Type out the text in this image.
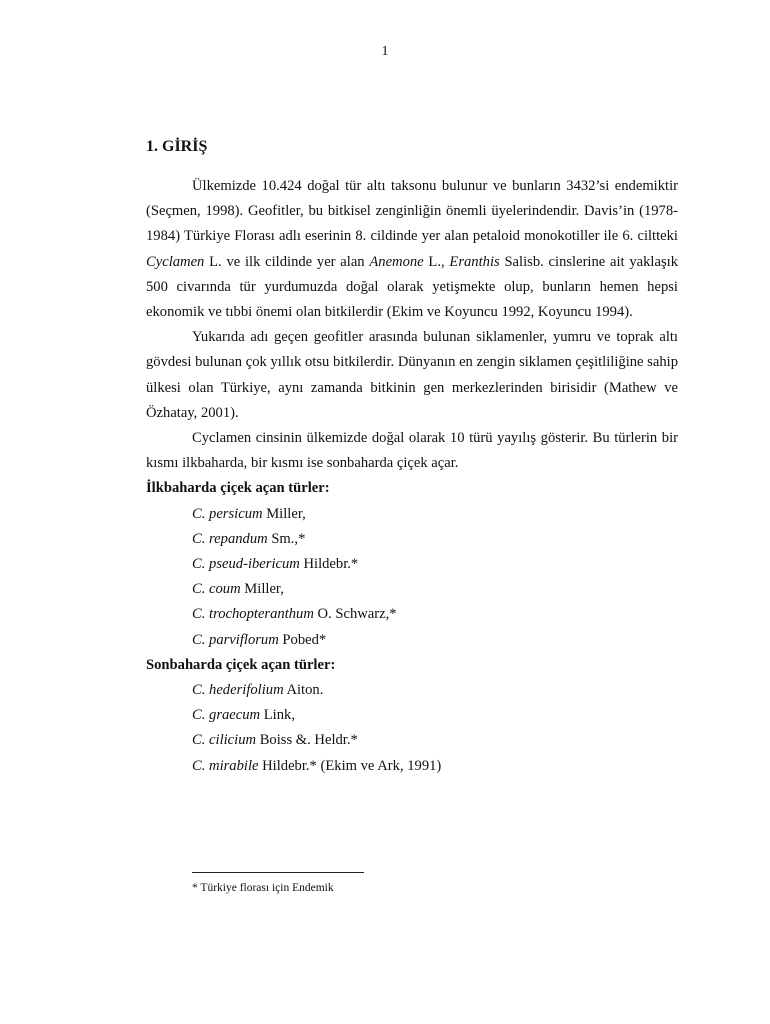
1
1. GİRİŞ

Ülkemizde 10.424 doğal tür altı taksonu bulunur ve bunların 3432’si endemiktir (Seçmen, 1998). Geofitler, bu bitkisel zenginliğin önemli üyelerindendir. Davis’in (1978-1984) Türkiye Florası adlı eserinin 8. cildinde yer alan petaloid monokotiller ile 6. ciltteki Cyclamen L. ve ilk cildinde yer alan Anemone L., Eranthis Salisb. cinslerine ait yaklaşık 500 civarında tür yurdumuzda doğal olarak yetişmekte olup, bunların hemen hepsi ekonomik ve tıbbi önemi olan bitkilerdir (Ekim ve Koyuncu 1992, Koyuncu 1994).

Yukarıda adı geçen geofitler arasında bulunan siklamenler, yumru ve toprak altı gövdesi bulunan çok yıllık otsu bitkilerdir. Dünyanın en zengin siklamen çeşitliliğine sahip ülkesi olan Türkiye, aynı zamanda bitkinin gen merkezlerinden birisidir (Mathew ve Özhatay, 2001).

Cyclamen cinsinin ülkemizde doğal olarak 10 türü yayılış gösterir. Bu türlerin bir kısmı ilkbaharda, bir kısmı ise sonbaharda çiçek açar.

İlkbaharda çiçek açan türler:

C. persicum Miller,
C. repandum Sm.,*
C. pseud-ibericum Hildebr.*
C. coum Miller,
C. trochopteranthum O. Schwarz,*
C. parviflorum Pobed*

Sonbaharda çiçek açan türler:

C. hederifolium Aiton.
C. graecum Link,
C. cilicium Boiss &. Heldr.*
C. mirabile Hildebr.* (Ekim ve Ark, 1991)
* Türkiye florası için Endemik
